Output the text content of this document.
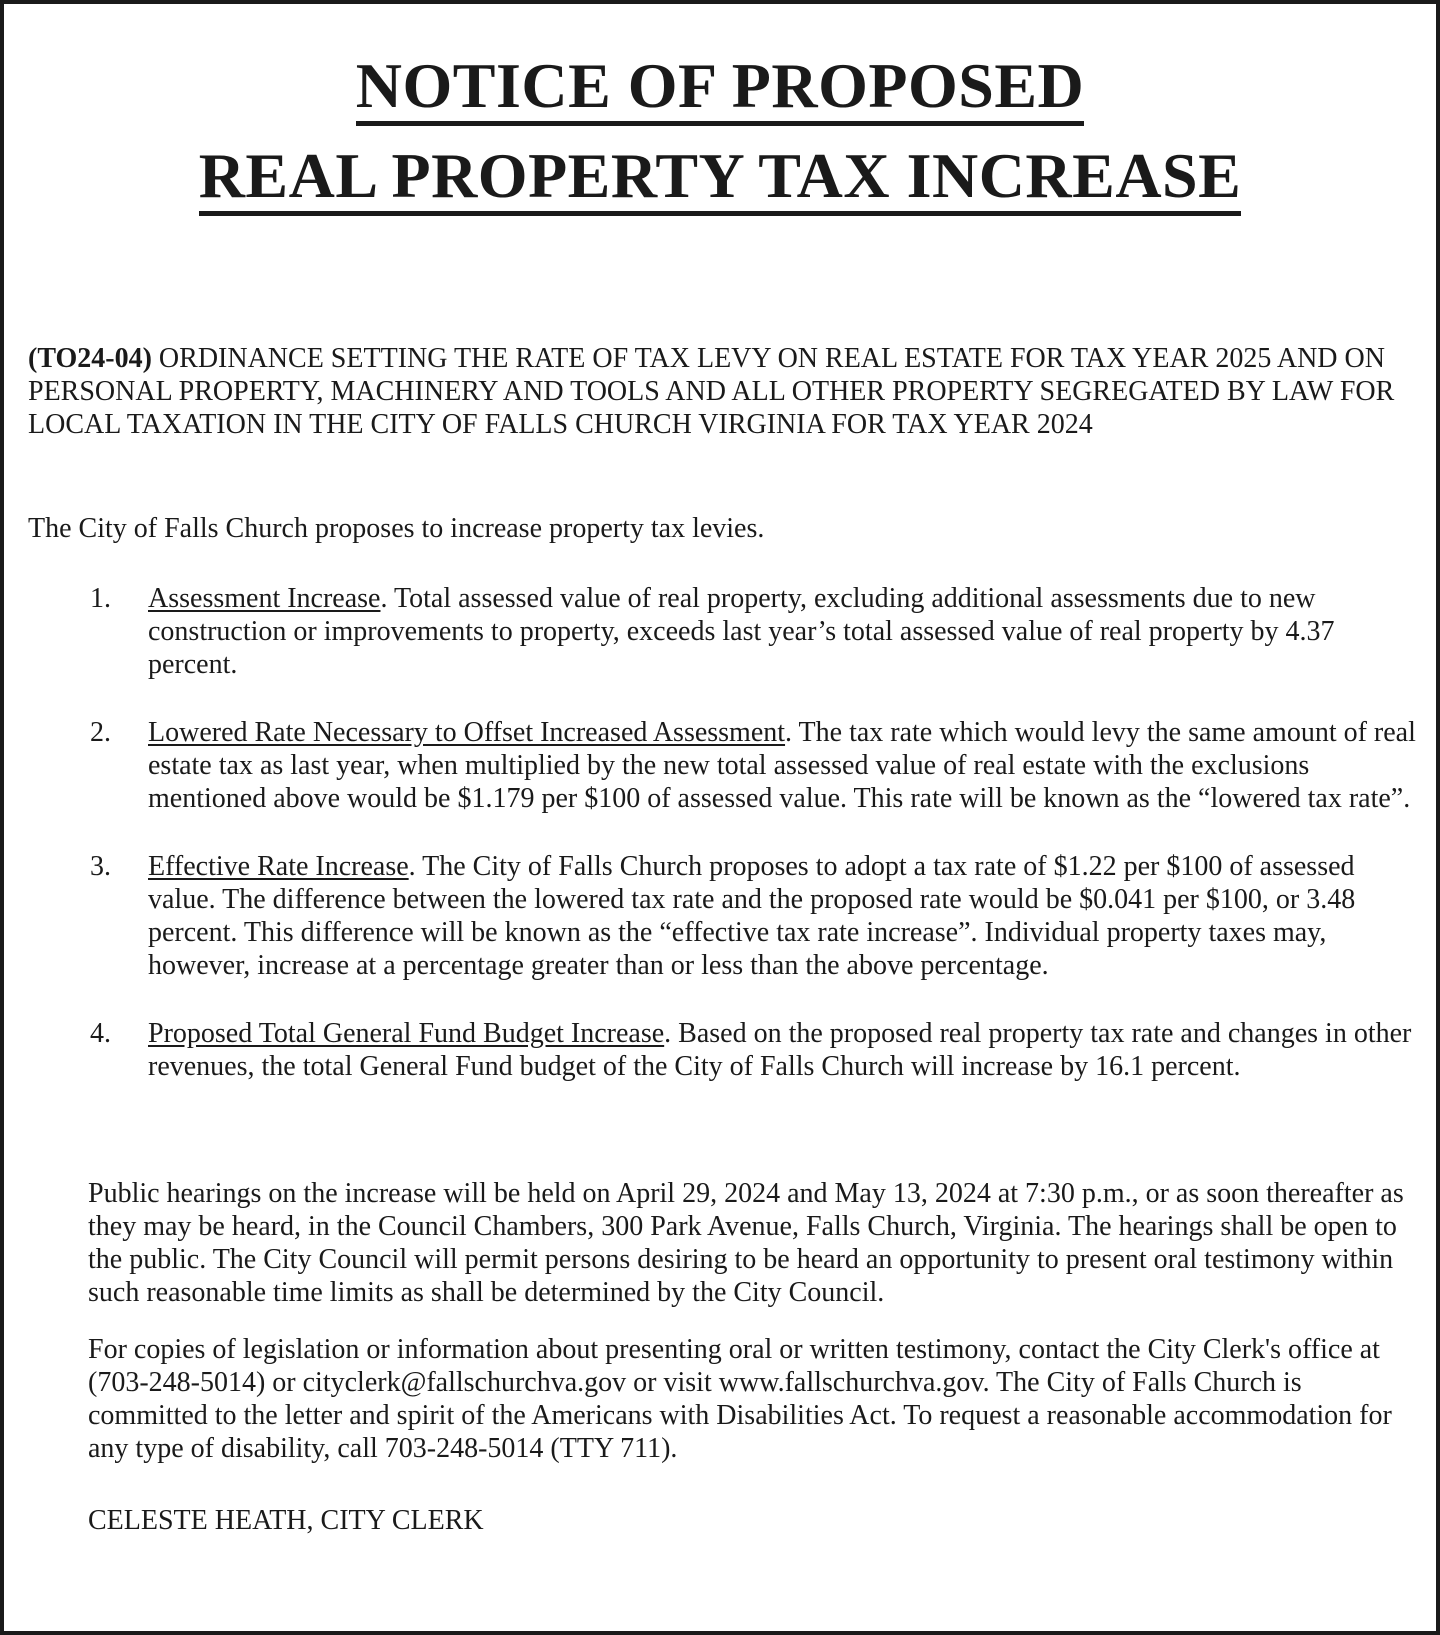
NOTICE OF PROPOSED
REAL PROPERTY TAX INCREASE

(TO24-04) ORDINANCE SETTING THE RATE OF TAX LEVY ON REAL ESTATE FOR TAX YEAR 2025 AND ON PERSONAL PROPERTY, MACHINERY AND TOOLS AND ALL OTHER PROPERTY SEGREGATED BY LAW FOR LOCAL TAXATION IN THE CITY OF FALLS CHURCH VIRGINIA FOR TAX YEAR 2024

The City of Falls Church proposes to increase property tax levies.

1.	Assessment Increase. Total assessed value of real property, excluding additional assessments due to new construction or improvements to property, exceeds last year’s total assessed value of real property by 4.37 percent.
2.	Lowered Rate Necessary to Offset Increased Assessment. The tax rate which would levy the same amount of real estate tax as last year, when multiplied by the new total assessed value of real estate with the exclusions mentioned above would be $1.179 per $100 of assessed value. This rate will be known as the “lowered tax rate”.
3.	Effective Rate Increase. The City of Falls Church proposes to adopt a tax rate of $1.22 per $100 of assessed value. The difference between the lowered tax rate and the proposed rate would be $0.041 per $100, or 3.48 percent. This difference will be known as the “effective tax rate increase”. Individual property taxes may, however, increase at a percentage greater than or less than the above percentage.
4.	Proposed Total General Fund Budget Increase. Based on the proposed real property tax rate and changes in other revenues, the total General Fund budget of the City of Falls Church will increase by 16.1 percent.

Public hearings on the increase will be held on April 29, 2024 and May 13, 2024 at 7:30 p.m., or as soon thereafter as they may be heard, in the Council Chambers, 300 Park Avenue, Falls Church, Virginia. The hearings shall be open to the public. The City Council will permit persons desiring to be heard an opportunity to present oral testimony within such reasonable time limits as shall be determined by the City Council.

For copies of legislation or information about presenting oral or written testimony, contact the City Clerk's office at (703-248-5014) or cityclerk@fallschurchva.gov or visit www.fallschurchva.gov. The City of Falls Church is committed to the letter and spirit of the Americans with Disabilities Act. To request a reasonable accommodation for any type of disability, call 703-248-5014 (TTY 711).

CELESTE HEATH, CITY CLERK
